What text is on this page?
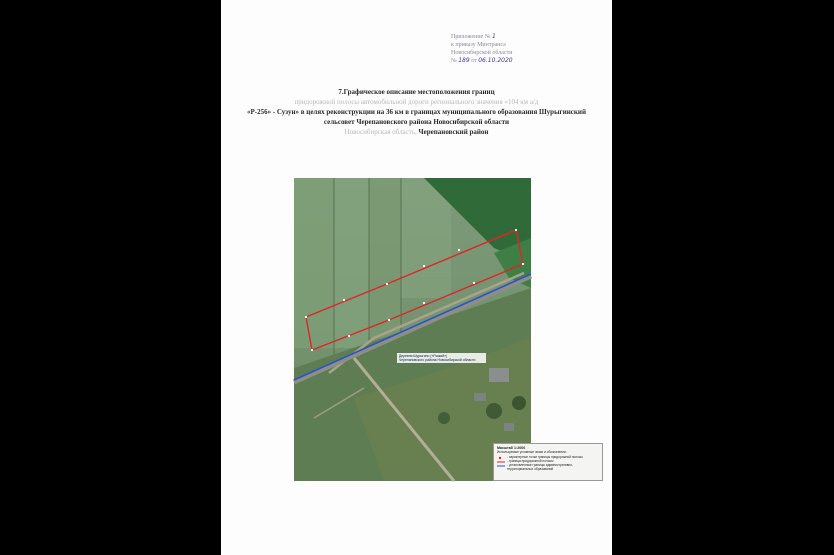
Приложение № 1
к приказу Минтранса
Новосибирской области
№ 189 от 06.10.2020
7.Графическое описание местоположения границ
придорожной полосы автомобильной дороги регионального значения «104 км а/д
«Р-256» - Сузун» в целях реконструкции на 36 км в границах муниципального образования Шурыгинский сельсовет Черепановского района Новосибирской области
Новосибирская область, Черепановский район
Деревня Шурыгино («Рыжий»)
Черепановского района Новосибирской области
Масштаб 1:2000
Используемые условные знаки и обозначения:
- характерные точки границы придорожной полосы
- граница придорожной полосы
- установленные границы административно-территориальных образований
